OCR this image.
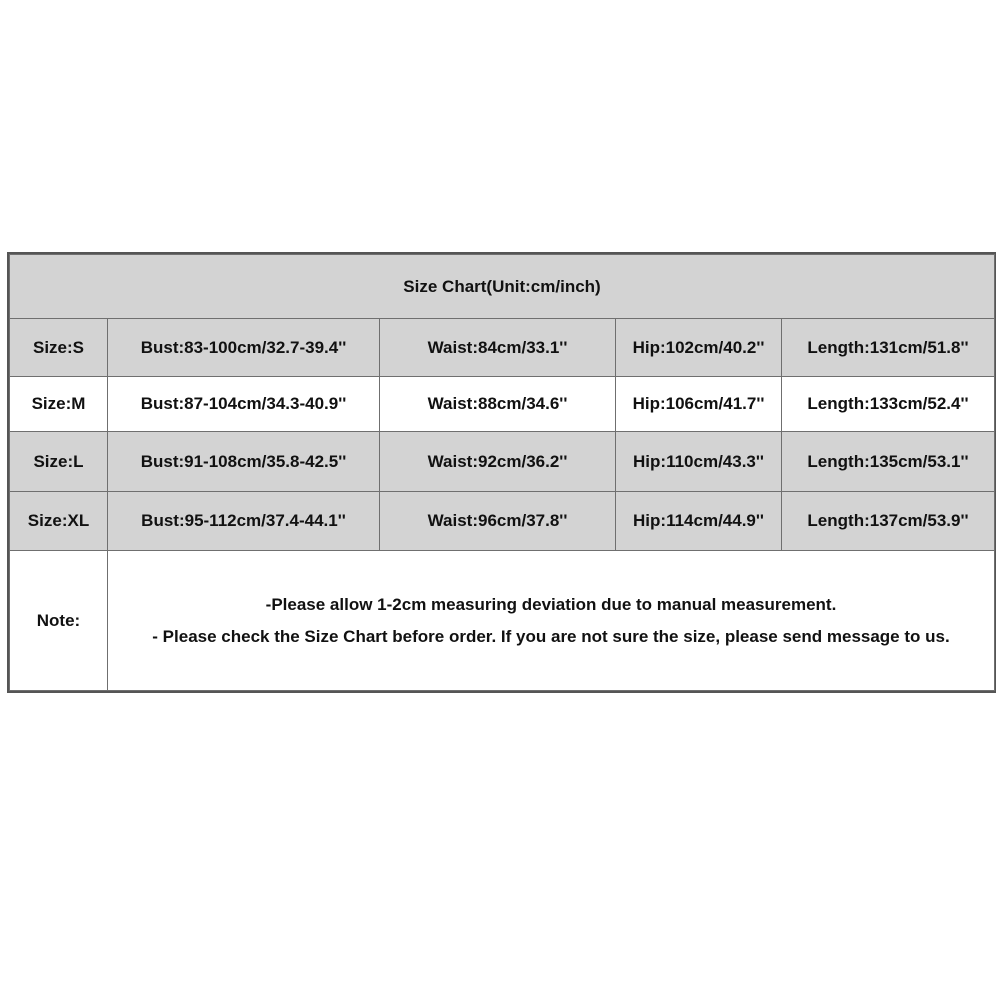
Size Chart(Unit:cm/inch)				
Size:S	Bust:83-100cm/32.7-39.4''	Waist:84cm/33.1''	Hip:102cm/40.2''	Length:131cm/51.8''
Size:M	Bust:87-104cm/34.3-40.9''	Waist:88cm/34.6''	Hip:106cm/41.7''	Length:133cm/52.4''
Size:L	Bust:91-108cm/35.8-42.5''	Waist:92cm/36.2''	Hip:110cm/43.3''	Length:135cm/53.1''
Size:XL	Bust:95-112cm/37.4-44.1''	Waist:96cm/37.8''	Hip:114cm/44.9''	Length:137cm/53.9''
Note:	-Please allow 1-2cm measuring deviation due to manual measurement.
- Please check the Size Chart before order. If you are not sure the size, please send message to us.			
